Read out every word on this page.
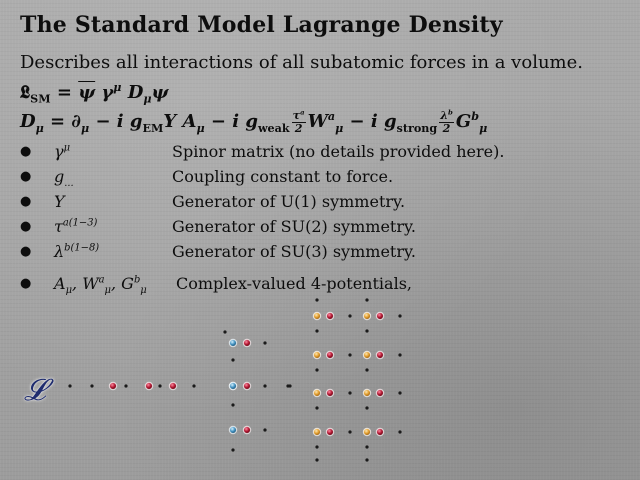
The Standard Model Lagrange Density
Describes all interactions of all subatomic forces in a volume.
𝕷$_{SM}$ = $\overline{\psi}$ $\gamma^\mu$ $D_\mu\psi$
$D_\mu = \partial_\mu - i$ $g_{EM}Y$ $A_\mu - i$ $g_{weak} \frac{\tau^a}{2} W^a_\mu - i$ $g_{strong} \frac{\lambda^b}{2} G^b_\mu$
● $\gamma^\mu$	Spinor matrix (no details provided here).
● $g_{...}$	Coupling constant to force.
● Y	Generator of U(1) symmetry.
● $\tau^{a(1-3)}$	Generator of SU(2) symmetry.
● $\lambda^{b(1-8)}$	Generator of SU(3) symmetry.
● $A_\mu$, $W^a_\mu$, $G^b_\mu$ Complex-valued 4-potentials,
𝓛
